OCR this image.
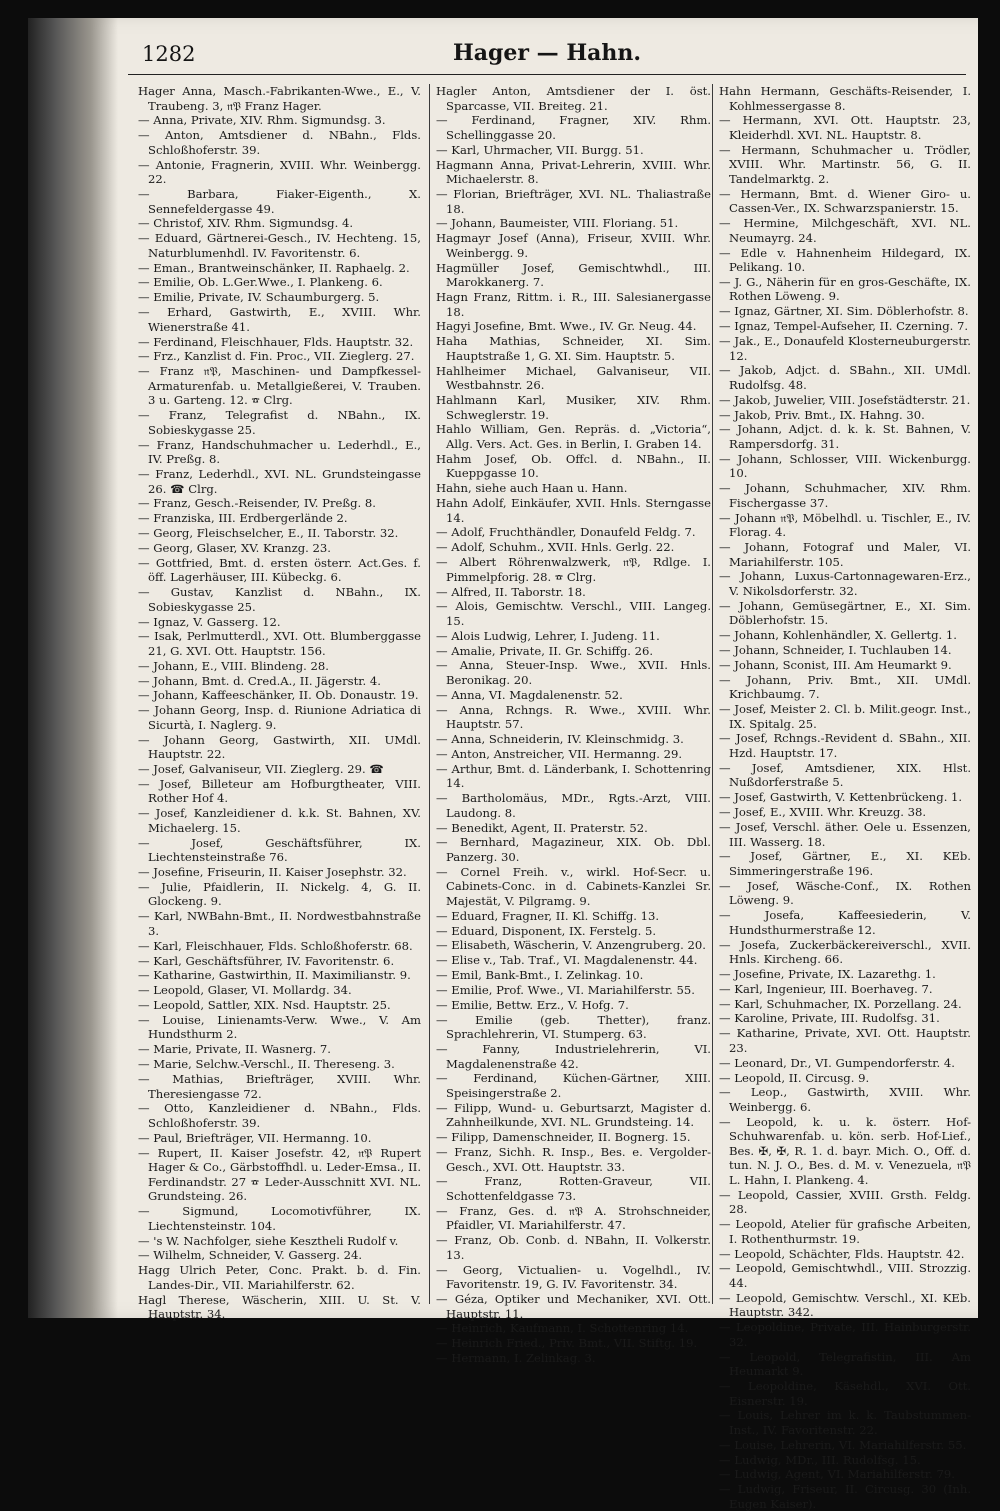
1282	Hager — Hahn.
Hager Anna, Masch.-Fabrikanten-Wwe., E., V. Traubeng. 3, 𝔫𝔓 Franz Hager.
— Anna, Private, XIV. Rhm. Sigmundsg. 3.
— Anton, Amtsdiener d. NBahn., Flds. Schloßhoferstr. 39.
— Antonie, Fragnerin, XVIII. Whr. Weinbergg. 22.
— Barbara, Fiaker-Eigenth., X. Sennefeldergasse 49.
— Christof, XIV. Rhm. Sigmundsg. 4.
— Eduard, Gärtnerei-Gesch., IV. Hechteng. 15, Naturblumenhdl. IV. Favoritenstr. 6.
— Eman., Brantweinschänker, II. Raphaelg. 2.
— Emilie, Ob. L.Ger.Wwe., I. Plankeng. 6.
— Emilie, Private, IV. Schaumburgerg. 5.
— Erhard, Gastwirth, E., XVIII. Whr. Wienerstraße 41.
— Ferdinand, Fleischhauer, Flds. Hauptstr. 32.
— Frz., Kanzlist d. Fin. Proc., VII. Zieglerg. 27.
— Franz 𝔫𝔓, Maschinen- und Dampfkessel-Armaturenfab. u. Metallgießerei, V. Trauben. 3 u. Garteng. 12. ☎ Clrg.
— Franz, Telegrafist d. NBahn., IX. Sobieskygasse 25.
— Franz, Handschuhmacher u. Lederhdl., E., IV. Preßg. 8.
— Franz, Lederhdl., XVI. NL. Grundsteingasse 26. ☎ Clrg.
— Franz, Gesch.-Reisender, IV. Preßg. 8.
— Franziska, III. Erdbergerlände 2.
— Georg, Fleischselcher, E., II. Taborstr. 32.
— Georg, Glaser, XV. Kranzg. 23.
— Gottfried, Bmt. d. ersten österr. Act.Ges. f. öff. Lagerhäuser, III. Kübeckg. 6.
— Gustav, Kanzlist d. NBahn., IX. Sobieskygasse 25.
— Ignaz, V. Gasserg. 12.
— Isak, Perlmutterdl., XVI. Ott. Blumberggasse 21, G. XVI. Ott. Hauptstr. 156.
— Johann, E., VIII. Blindeng. 28.
— Johann, Bmt. d. Cred.A., II. Jägerstr. 4.
— Johann, Kaffeeschänker, II. Ob. Donaustr. 19.
— Johann Georg, Insp. d. Riunione Adriatica di Sicurtà, I. Naglerg. 9.
— Johann Georg, Gastwirth, XII. UMdl. Hauptstr. 22.
— Josef, Galvaniseur, VII. Zieglerg. 29. ☎
— Josef, Billeteur am Hofburgtheater, VIII. Rother Hof 4.
— Josef, Kanzleidiener d. k.k. St. Bahnen, XV. Michaelerg. 15.
— Josef, Geschäftsführer, IX. Liechtensteinstraße 76.
— Josefine, Friseurin, II. Kaiser Josephstr. 32.
— Julie, Pfaidlerin, II. Nickelg. 4, G. II. Glockeng. 9.
— Karl, NWBahn-Bmt., II. Nordwestbahnstraße 3.
— Karl, Fleischhauer, Flds. Schloßhoferstr. 68.
— Karl, Geschäftsführer, IV. Favoritenstr. 6.
— Katharine, Gastwirthin, II. Maximilianstr. 9.
— Leopold, Glaser, VI. Mollardg. 34.
— Leopold, Sattler, XIX. Nsd. Hauptstr. 25.
— Louise, Linienamts-Verw. Wwe., V. Am Hundsthurm 2.
— Marie, Private, II. Wasnerg. 7.
— Marie, Selchw.-Verschl., II. Thereseng. 3.
— Mathias, Briefträger, XVIII. Whr. Theresiengasse 72.
— Otto, Kanzleidiener d. NBahn., Flds. Schloßhoferstr. 39.
— Paul, Briefträger, VII. Hermanng. 10.
— Rupert, II. Kaiser Josefstr. 42, 𝔫𝔓 Rupert Hager & Co., Gärbstoffhdl. u. Leder-Emsa., II. Ferdinandstr. 27 ☎ Leder-Ausschnitt XVI. NL. Grundsteing. 26.
— Sigmund, Locomotivführer, IX. Liechtensteinstr. 104.
— 's W. Nachfolger, siehe Kesztheli Rudolf v.
— Wilhelm, Schneider, V. Gasserg. 24.
Hagg Ulrich Peter, Conc. Prakt. b. d. Fin. Landes-Dir., VII. Mariahilferstr. 62.
Hagl Therese, Wäscherin, XIII. U. St. V. Hauptstr. 34.
Hagler Anton, Amtsdiener der I. öst. Sparcasse, VII. Breiteg. 21.
— Ferdinand, Fragner, XIV. Rhm. Schellinggasse 20.
— Karl, Uhrmacher, VII. Burgg. 51.
Hagmann Anna, Privat-Lehrerin, XVIII. Whr. Michaelerstr. 8.
— Florian, Briefträger, XVI. NL. Thaliastraße 18.
— Johann, Baumeister, VIII. Floriang. 51.
Hagmayr Josef (Anna), Friseur, XVIII. Whr. Weinbergg. 9.
Hagmüller Josef, Gemischtwhdl., III. Marokkanerg. 7.
Hagn Franz, Rittm. i. R., III. Salesianergasse 18.
Hagyi Josefine, Bmt. Wwe., IV. Gr. Neug. 44.
Haha Mathias, Schneider, XI. Sim. Hauptstraße 1, G. XI. Sim. Hauptstr. 5.
Hahlheimer Michael, Galvaniseur, VII. Westbahnstr. 26.
Hahlmann Karl, Musiker, XIV. Rhm. Schweglerstr. 19.
Hahlo William, Gen. Repräs. d. „Victoria“, Allg. Vers. Act. Ges. in Berlin, I. Graben 14.
Hahm Josef, Ob. Offcl. d. NBahn., II. Kueppgasse 10.
Hahn, siehe auch Haan u. Hann.
Hahn Adolf, Einkäufer, XVII. Hnls. Sterngasse 14.
— Adolf, Fruchthändler, Donaufeld Feldg. 7.
— Adolf, Schuhm., XVII. Hnls. Gerlg. 22.
— Albert Röhrenwalzwerk, 𝔫𝔓, Rdlge. I. Pimmelpforig. 28. ☎ Clrg.
— Alfred, II. Taborstr. 18.
— Alois, Gemischtw. Verschl., VIII. Langeg. 15.
— Alois Ludwig, Lehrer, I. Judeng. 11.
— Amalie, Private, II. Gr. Schiffg. 26.
— Anna, Steuer-Insp. Wwe., XVII. Hnls. Beronikag. 20.
— Anna, VI. Magdalenenstr. 52.
— Anna, Rchngs. R. Wwe., XVIII. Whr. Hauptstr. 57.
— Anna, Schneiderin, IV. Kleinschmidg. 3.
— Anton, Anstreicher, VII. Hermanng. 29.
— Arthur, Bmt. d. Länderbank, I. Schottenring 14.
— Bartholomäus, MDr., Rgts.-Arzt, VIII. Laudong. 8.
— Benedikt, Agent, II. Praterstr. 52.
— Bernhard, Magazineur, XIX. Ob. Dbl. Panzerg. 30.
— Cornel Freih. v., wirkl. Hof-Secr. u. Cabinets-Conc. in d. Cabinets-Kanzlei Sr. Majestät, V. Pilgramg. 9.
— Eduard, Fragner, II. Kl. Schiffg. 13.
— Eduard, Disponent, IX. Ferstelg. 5.
— Elisabeth, Wäscherin, V. Anzengruberg. 20.
— Elise v., Tab. Traf., VI. Magdalenenstr. 44.
— Emil, Bank-Bmt., I. Zelinkag. 10.
— Emilie, Prof. Wwe., VI. Mariahilferstr. 55.
— Emilie, Bettw. Erz., V. Hofg. 7.
— Emilie (geb. Thetter), franz. Sprachlehrerin, VI. Stumperg. 63.
— Fanny, Industrielehrerin, VI. Magdalenenstraße 42.
— Ferdinand, Küchen-Gärtner, XIII. Speisingerstraße 2.
— Filipp, Wund- u. Geburtsarzt, Magister d. Zahnheilkunde, XVI. NL. Grundsteing. 14.
— Filipp, Damenschneider, II. Bognerg. 15.
— Franz, Sichh. R. Insp., Bes. e. Vergolder-Gesch., XVI. Ott. Hauptstr. 33.
— Franz, Rotten-Graveur, VII. Schottenfeldgasse 73.
— Franz, Ges. d. 𝔫𝔓 A. Strohschneider, Pfaidler, VI. Mariahilferstr. 47.
— Franz, Ob. Conb. d. NBahn, II. Volkerstr. 13.
— Georg, Victualien- u. Vogelhdl., IV. Favoritenstr. 19, G. IV. Favoritenstr. 34.
— Géza, Optiker und Mechaniker, XVI. Ott. Hauptstr. 11.
— Heinrich, Kaufmann, I. Schottenring 14.
— Heinrich Fried., Priv. Bmt., VII. Stiftg. 19.
— Hermann, I. Zelinkag. 3.
Hahn Hermann, Geschäfts-Reisender, I. Kohlmessergasse 8.
— Hermann, XVI. Ott. Hauptstr. 23, Kleiderhdl. XVI. NL. Hauptstr. 8.
— Hermann, Schuhmacher u. Trödler, XVIII. Whr. Martinstr. 56, G. II. Tandelmarktg. 2.
— Hermann, Bmt. d. Wiener Giro- u. Cassen-Ver., IX. Schwarzspanierstr. 15.
— Hermine, Milchgeschäft, XVI. NL. Neumayrg. 24.
— Edle v. Hahnenheim Hildegard, IX. Pelikang. 10.
— J. G., Näherin für en gros-Geschäfte, IX. Rothen Löweng. 9.
— Ignaz, Gärtner, XI. Sim. Döblerhofstr. 8.
— Ignaz, Tempel-Aufseher, II. Czerning. 7.
— Jak., E., Donaufeld Klosterneuburgerstr. 12.
— Jakob, Adjct. d. SBahn., XII. UMdl. Rudolfsg. 48.
— Jakob, Juwelier, VIII. Josefstädterstr. 21.
— Jakob, Priv. Bmt., IX. Hahng. 30.
— Johann, Adjct. d. k. k. St. Bahnen, V. Rampersdorfg. 31.
— Johann, Schlosser, VIII. Wickenburgg. 10.
— Johann, Schuhmacher, XIV. Rhm. Fischergasse 37.
— Johann 𝔫𝔓, Möbelhdl. u. Tischler, E., IV. Florag. 4.
— Johann, Fotograf und Maler, VI. Mariahilferstr. 105.
— Johann, Luxus-Cartonnagewaren-Erz., V. Nikolsdorferstr. 32.
— Johann, Gemüsegärtner, E., XI. Sim. Döblerhofstr. 15.
— Johann, Kohlenhändler, X. Gellertg. 1.
— Johann, Schneider, I. Tuchlauben 14.
— Johann, Sconist, III. Am Heumarkt 9.
— Johann, Priv. Bmt., XII. UMdl. Krichbaumg. 7.
— Josef, Meister 2. Cl. b. Milit.geogr. Inst., IX. Spitalg. 25.
— Josef, Rchngs.-Revident d. SBahn., XII. Hzd. Hauptstr. 17.
— Josef, Amtsdiener, XIX. Hlst. Nußdorferstraße 5.
— Josef, Gastwirth, V. Kettenbrückeng. 1.
— Josef, E., XVIII. Whr. Kreuzg. 38.
— Josef, Verschl. äther. Oele u. Essenzen, III. Wasserg. 18.
— Josef, Gärtner, E., XI. KEb. Simmeringerstraße 196.
— Josef, Wäsche-Conf., IX. Rothen Löweng. 9.
— Josefa, Kaffeesiederin, V. Hundsthurmerstraße 12.
— Josefa, Zuckerbäckereiverschl., XVII. Hnls. Kircheng. 66.
— Josefine, Private, IX. Lazarethg. 1.
— Karl, Ingenieur, III. Boerhaveg. 7.
— Karl, Schuhmacher, IX. Porzellang. 24.
— Karoline, Private, III. Rudolfsg. 31.
— Katharine, Private, XVI. Ott. Hauptstr. 23.
— Leonard, Dr., VI. Gumpendorferstr. 4.
— Leopold, II. Circusg. 9.
— Leop., Gastwirth, XVIII. Whr. Weinbergg. 6.
— Leopold, k. u. k. österr. Hof-Schuhwarenfab. u. kön. serb. Hof-Lief., Bes. ✠, ✠, R. 1. d. bayr. Mich. O., Off. d. tun. N. J. O., Bes. d. M. v. Venezuela, 𝔫𝔓 L. Hahn, I. Plankeng. 4.
— Leopold, Cassier, XVIII. Grsth. Feldg. 28.
— Leopold, Atelier für grafische Arbeiten, I. Rothenthurmstr. 19.
— Leopold, Schächter, Flds. Hauptstr. 42.
— Leopold, Gemischtwhdl., VIII. Strozzig. 44.
— Leopold, Gemischtw. Verschl., XI. KEb. Hauptstr. 342.
— Leopoldine, Private, III. Hainburgerstr. 32.
— Leopold, Telegrafistin, III. Am Heumarkt 9.
— Leopoldine, Käsehdl., XVI. Ott. Eisnerstr. 19.
— Louis, Lehrer im k. k. Taubstummen-Inst., IV. Favoritenstr. 22.
— Louise, Lehrerin, VI. Mariahilferstr. 55.
— Ludwig, MDr., III. Rudolfsg. 15.
— Ludwig, Agent, VI. Mariahilferstr. 79.
— Ludwig, Friseur, II. Circusg. 30 (Inh. Eugen Kaiser).
